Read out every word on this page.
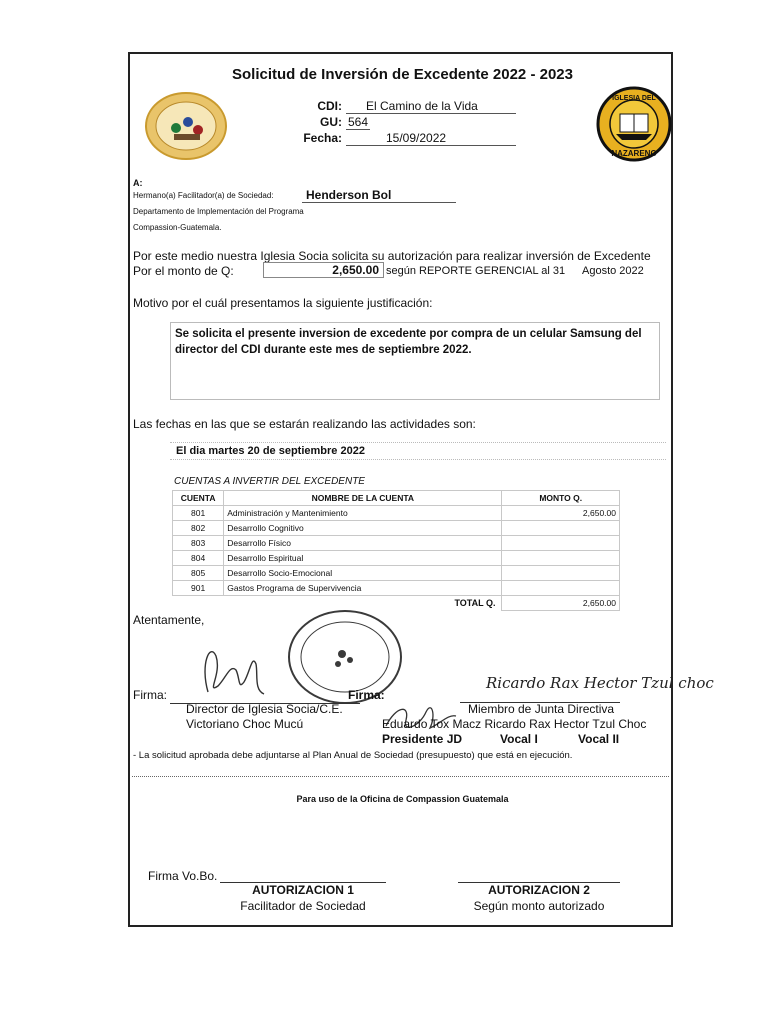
Solicitud de Inversión de Excedente 2022 - 2023
CDI:	El Camino de la Vida
GU: 564
Fecha:	15/09/2022
IGLESIA DEL
NAZARENO
A:
Hermano(a) Facilitador(a) de Sociedad:	Henderson Bol
Departamento de Implementación del Programa
Compassion-Guatemala.
Por este medio nuestra Iglesia Socia solicita su autorización para realizar inversión de Excedente
Por el monto de Q:	2,650.00 según REPORTE GERENCIAL al 31 Agosto 2022
Motivo por el cuál presentamos la siguiente justificación:
Se solicita el presente inversion de excedente por compra de un celular Samsung del director del CDI durante este mes de septiembre 2022.
Las fechas en las que se estarán realizando las actividades son:
El dia martes 20 de septiembre 2022
CUENTAS A INVERTIR DEL EXCEDENTE
CUENTA	NOMBRE DE LA CUENTA	MONTO Q.
801	Administración y Mantenimiento	2,650.00
802	Desarrollo Cognitivo	
803	Desarrollo Físico	
804	Desarrollo Espiritual	
805	Desarrollo Socio-Emocional	
901	Gastos Programa de Supervivencia	
	TOTAL Q.	2,650.00
Atentamente,
Firma:
Director de Iglesia Socia/C.E.
Victoriano Choc Mucú
Firma:
Ricardo Rax Hector Tzul choc
Miembro de Junta Directiva
Eduardo Tox Macz Ricardo Rax Hector Tzul Choc
Presidente JD	Vocal I	Vocal II
- La solicitud aprobada debe adjuntarse al Plan Anual de Sociedad (presupuesto) que está en ejecución.
Para uso de la Oficina de Compassion Guatemala
Firma Vo.Bo.
AUTORIZACION 1
Facilitador de Sociedad
AUTORIZACION 2
Según monto autorizado
